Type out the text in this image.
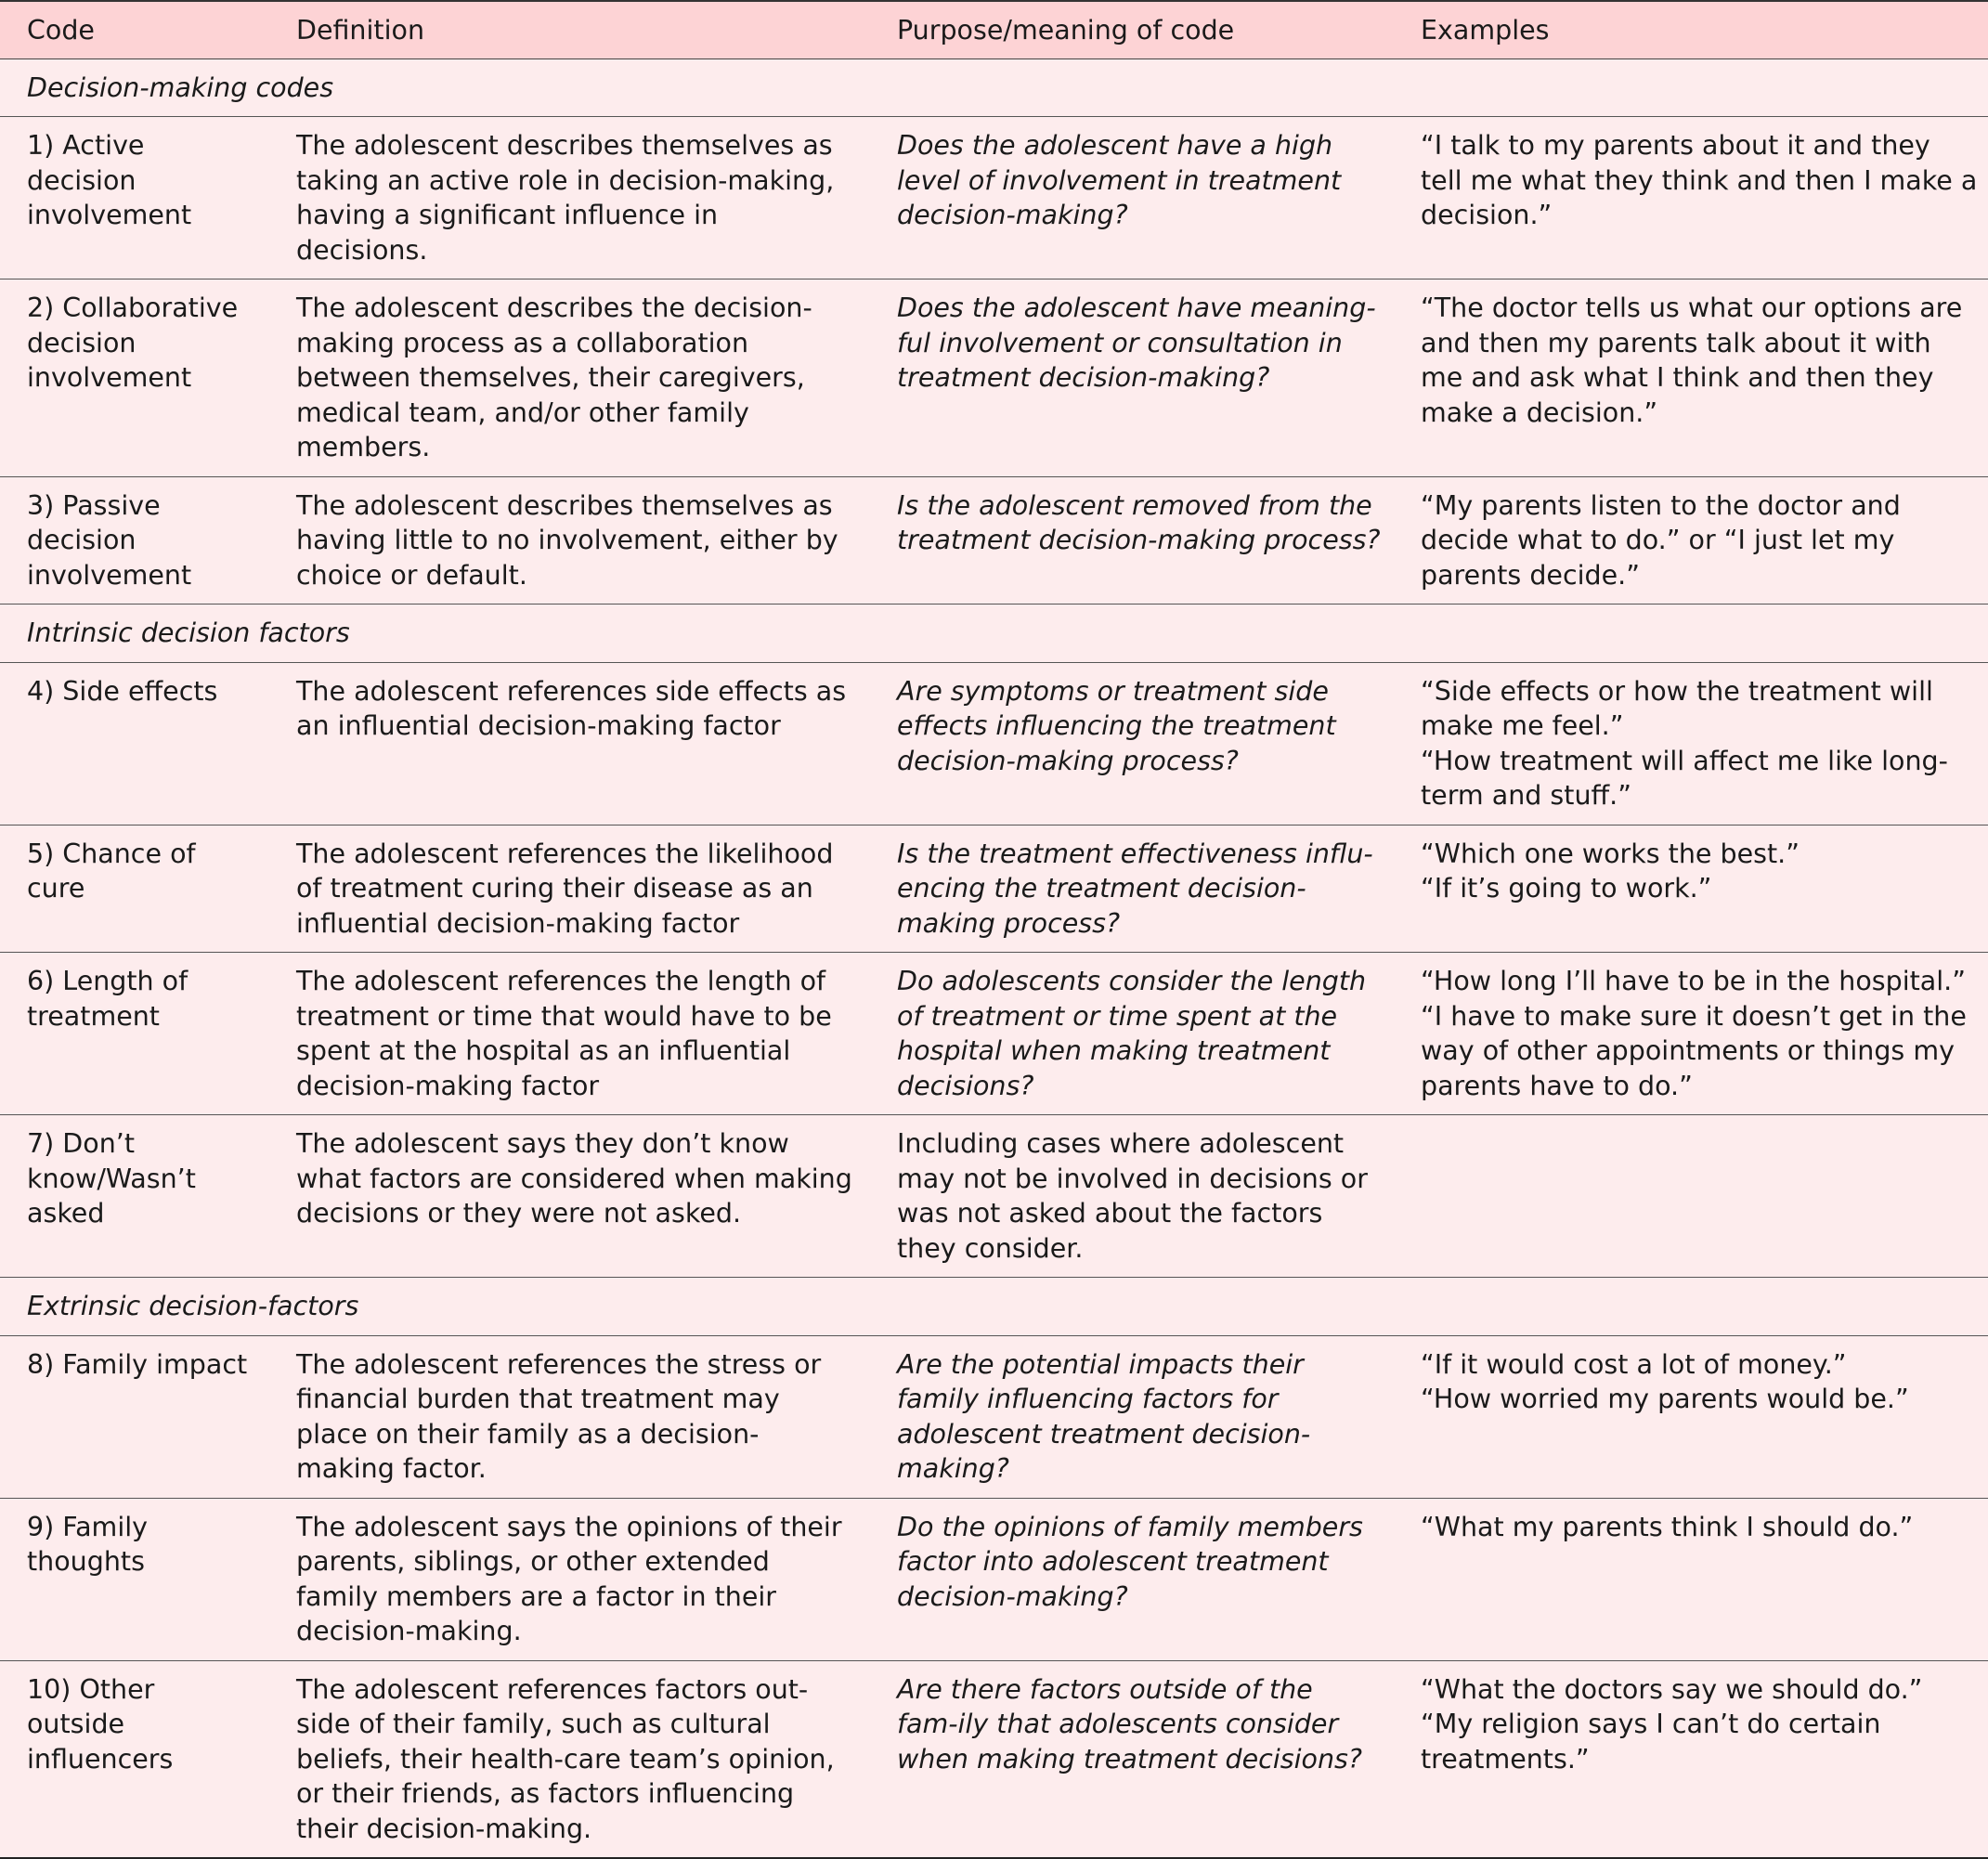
Code	Definition	Purpose/meaning of code	Examples
Decision-making codes			
1) Active decision involvement	The adolescent describes themselves as taking an active role in decision-making, having a significant influence in decisions.	Does the adolescent have a high level of involvement in treatment decision-making?	“I talk to my parents about it and they tell me what they think and then I make a decision.”

2) Collaborative decision involvement	The adolescent describes the decision-making process as a collaboration between themselves, their caregivers, medical team, and/or other family members.	Does the adolescent have meaning-ful involvement or consultation in treatment decision-making?	“The doctor tells us what our options are and then my parents talk about it with me and ask what I think and then they make a decision.”

3) Passive decision involvement	The adolescent describes themselves as having little to no involvement, either by choice or default.	Is the adolescent removed from the treatment decision-making process?	“My parents listen to the doctor and decide what to do.” or “I just let my parents decide.”

Intrinsic decision factors			
4) Side effects	The adolescent references side effects as an influential decision-making factor	Are symptoms or treatment side effects influencing the treatment decision-making process?	“Side effects or how the treatment will make me feel.”
“How treatment will affect me like long-term and stuff.”

5) Chance of cure	The adolescent references the likelihood of treatment curing their disease as an influential decision-making factor	Is the treatment effectiveness influ-encing the treatment decision-making process?	“Which one works the best.”
“If it’s going to work.”

6) Length of treatment	The adolescent references the length of treatment or time that would have to be spent at the hospital as an influential decision-making factor	Do adolescents consider the length of treatment or time spent at the hospital when making treatment decisions?	“How long I’ll have to be in the hospital.”
“I have to make sure it doesn’t get in the way of other appointments or things my parents have to do.”

7) Don’t know/Wasn’t asked	The adolescent says they don’t know what factors are considered when making decisions or they were not asked.	Including cases where adolescent may not be involved in decisions or was not asked about the factors they consider.	
Extrinsic decision-factors			
8) Family impact	The adolescent references the stress or financial burden that treatment may place on their family as a decision-making factor.	Are the potential impacts their family influencing factors for adolescent treatment decision-making?	“If it would cost a lot of money.”
“How worried my parents would be.”

9) Family thoughts	The adolescent says the opinions of their parents, siblings, or other extended family members are a factor in their decision-making.	Do the opinions of family members factor into adolescent treatment decision-making?	“What my parents think I should do.”

10) Other outside influencers	The adolescent references factors out-side of their family, such as cultural beliefs, their health-care team’s opinion, or their friends, as factors influencing their decision-making.	Are there factors outside of the fam-ily that adolescents consider when making treatment decisions?	“What the doctors say we should do.”
“My religion says I can’t do certain treatments.”
